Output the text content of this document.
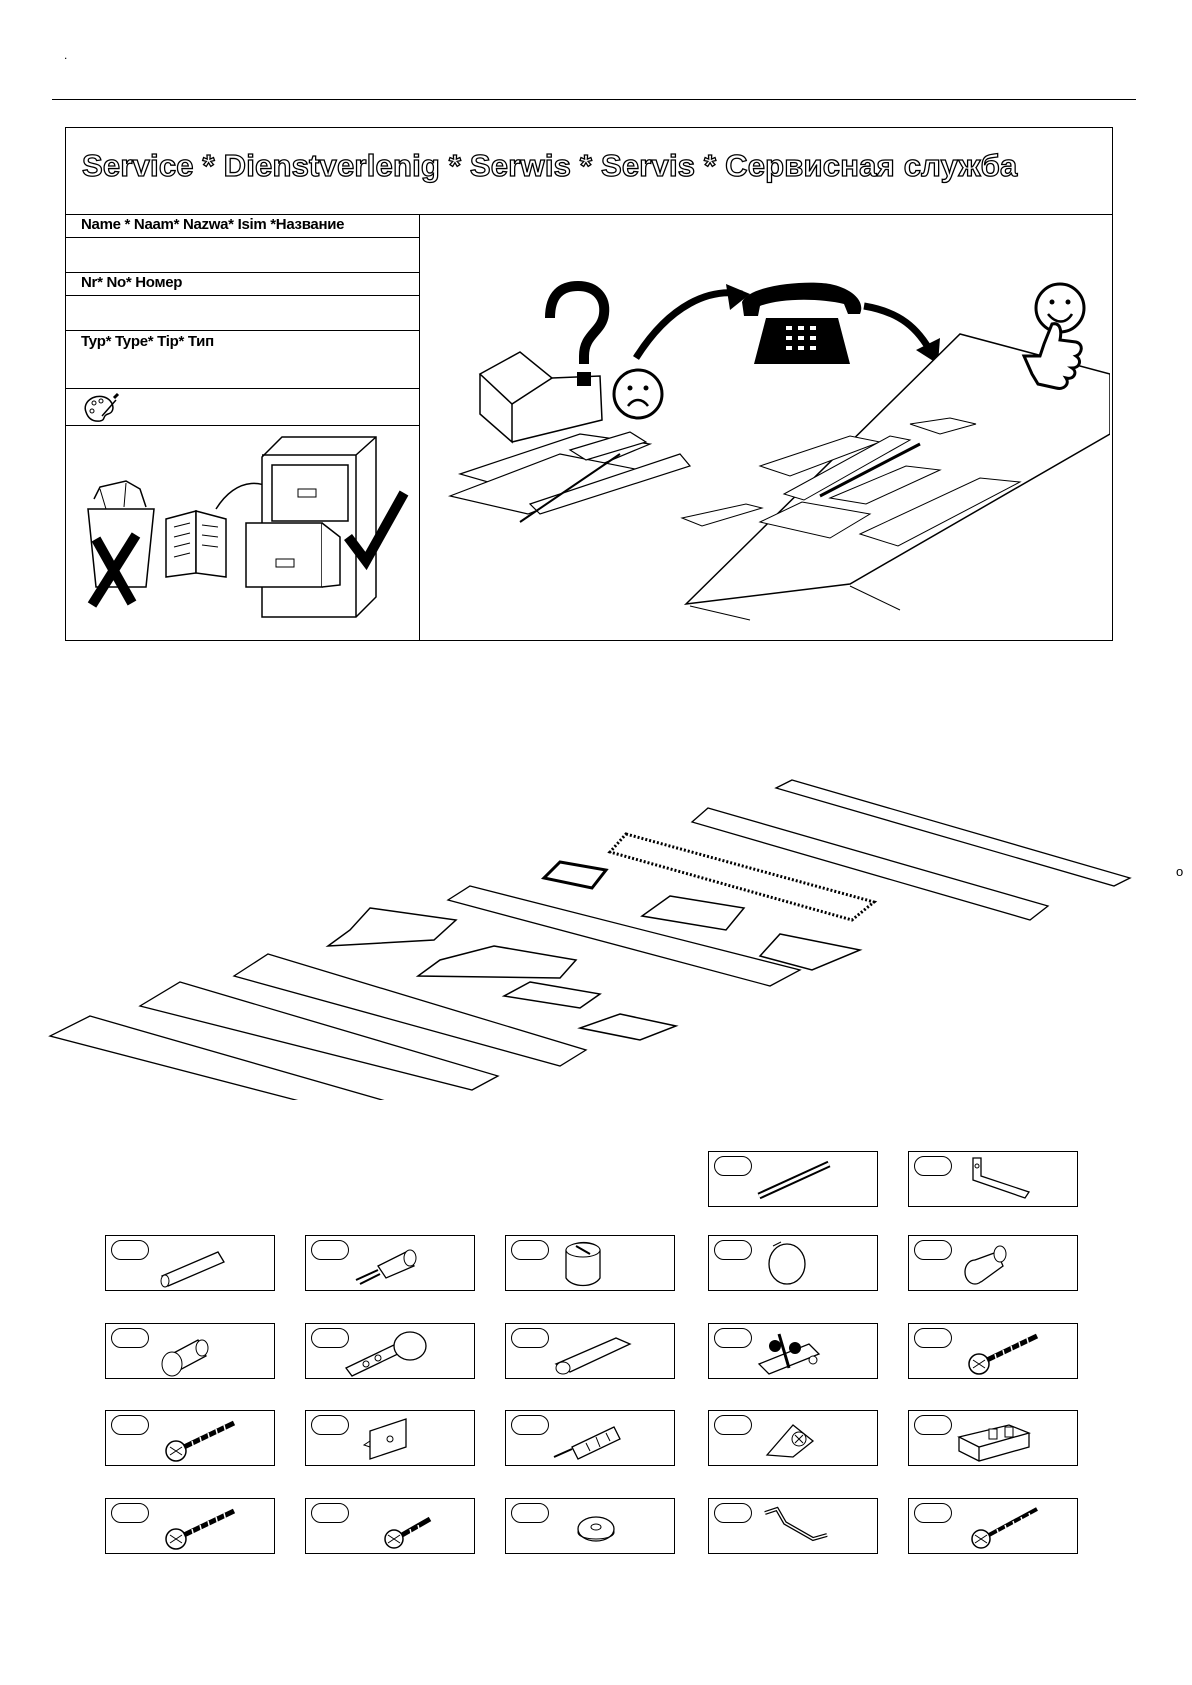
.
Service * Dienstverlenig * Serwis * Servis * Сервисная служба
Name * Naam* Nazwa* Isim *Название
Nr* No* Номер
Typ* Type* Tip* Тип
o
